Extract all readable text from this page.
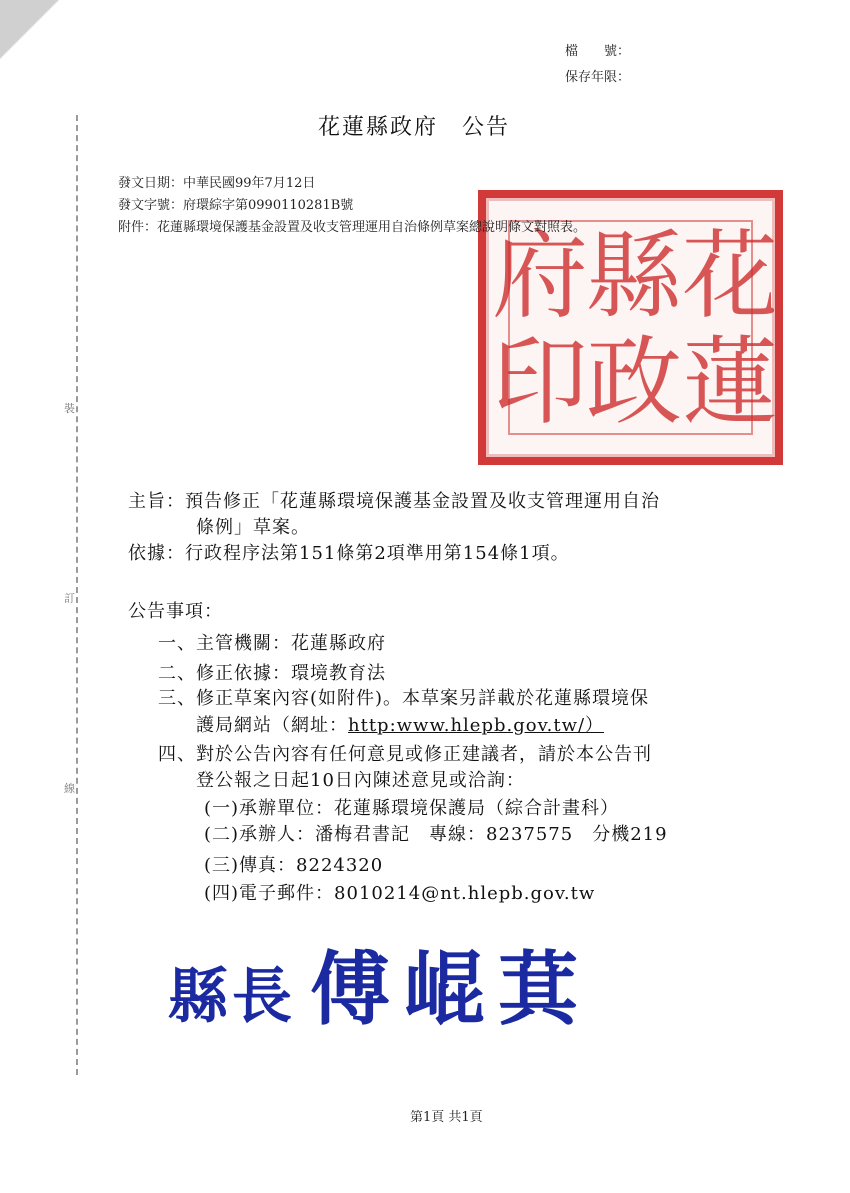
檔　　號：
保存年限：
裝
訂
線
花蓮縣政府　公告
發文日期：中華民國99年7月12日
發文字號：府環綜字第0990110281B號
花
蓮
縣
政
府
印
附件：花蓮縣環境保護基金設置及收支管理運用自治條例草案總說明條文對照表。
主旨：預告修正「花蓮縣環境保護基金設置及收支管理運用自治
條例」草案。
依據：行政程序法第151條第2項準用第154條1項。
公告事項：
一、主管機關：花蓮縣政府
二、修正依據：環境教育法
三、修正草案內容(如附件)。本草案另詳載於花蓮縣環境保
護局網站（網址：http:www.hlepb.gov.tw/）
四、對於公告內容有任何意見或修正建議者，請於本公告刊
登公報之日起10日內陳述意見或洽詢：
(一)承辦單位：花蓮縣環境保護局（綜合計畫科）
(二)承辦人：潘梅君書記　專線：8237575　分機219
(三)傳真：8224320
(四)電子郵件：8010214@nt.hlepb.gov.tw
縣長 傅崐萁
第1頁 共1頁
